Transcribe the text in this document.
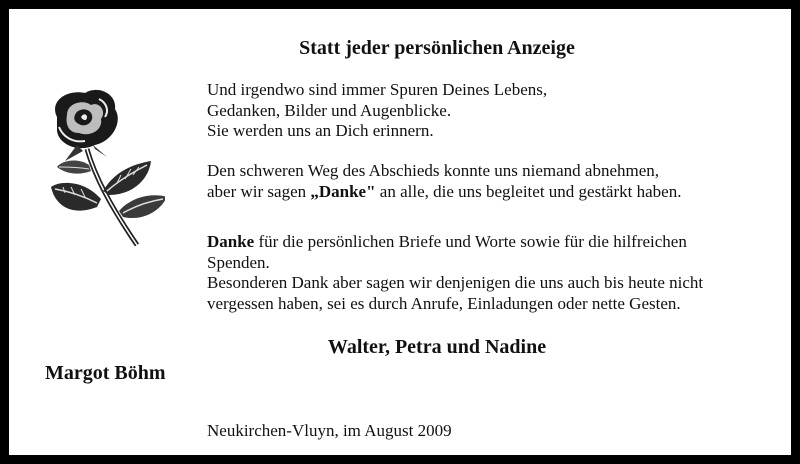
Statt jeder persönlichen Anzeige
Und irgendwo sind immer Spuren Deines Lebens,
Gedanken, Bilder und Augenblicke.
Sie werden uns an Dich erinnern.
Den schweren Weg des Abschieds konnte uns niemand abnehmen,
aber wir sagen „Danke" an alle, die uns begleitet und gestärkt haben.
Danke für die persönlichen Briefe und Worte sowie für die hilfreichen
Spenden.
Besonderen Dank aber sagen wir denjenigen die uns auch bis heute nicht
vergessen haben, sei es durch Anrufe, Einladungen oder nette Gesten.
Walter, Petra und Nadine
Margot Böhm
Neukirchen-Vluyn, im August 2009
